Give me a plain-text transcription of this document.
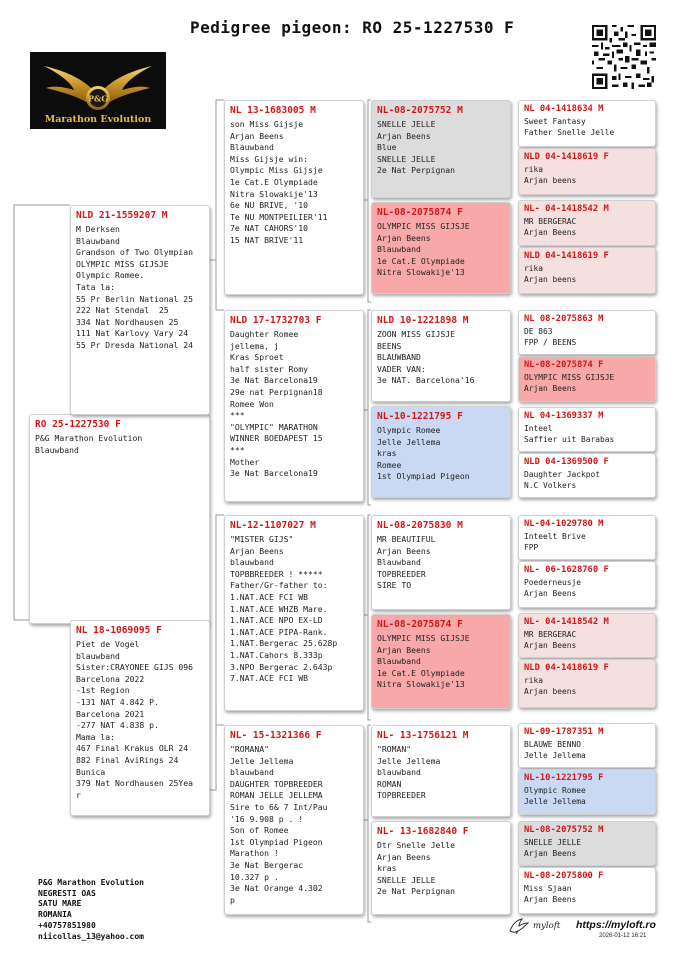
Pedigree pigeon: RO 25-1227530 F
P&G
Marathon Evolution
RO 25-1227530 F
P&G Marathon Evolution
Blauwband
NLD 21-1559207 M
M Derksen
Blauwband
Grandson of Two Olympian
OLYMPIC MISS GIJSJE
Olympic Romee.
Tata la:
55 Pr Berlin National 25
222 Nat Stendal  25
334 Nat Nordhausen 25
111 Nat Karlovy Vary 24
55 Pr Dresda National 24
NL 18-1069095 F
Piet de Vogel
blauwband
Sister:CRAYONEE GIJS 096
Barcelona 2022
-1st Region
-131 NAT 4.842 P.
Barcelona 2021
-277 NAT 4.838 p.
Mama la:
467 Final Krakus OLR 24
882 Final AviRings 24
Bunica
379 Nat Nordhausen 25Yea
r
NL 13-1683005 M
son Miss Gijsje
Arjan Beens
Blauwband
Miss Gijsje win:
Olympic Miss Gijsje
1e Cat.E Olympiade
Nitra Slowakije'13
6e NU BRIVE, '10
Te NU MONTPEILIER'11
7e NAT CAHORS'10
15 NAT BRIVE'11
NLD 17-1732703 F
Daughter Romee
jellema, j
Kras Sproet
half sister Romy
3e Nat Barcelona19
29e nat Perpignan18
Romee Won
***
"OLYMPIC" MARATHON
WINNER BOEDAPEST 15
***
Mother
3e Nat Barcelona19
NL-12-1107027 M
"MISTER GIJS"
Arjan Beens
blauwband
TOPBBREEDER ! *****
Father/Gr-father to:
1.NAT.ACE FCI WB
1.NAT.ACE WHZB Mare.
1.NAT.ACE NPO EX-LD
1.NAT.ACE PIPA-Rank.
1.NAT.Bergerac 25.628p
1.NAT.Cahors 8.333p
3.NPO Bergerac 2.643p
7.NAT.ACE FCI WB
NL- 15-1321366 F
"ROMANA"
Jelle Jellema
blauwband
DAUGHTER TOPBREEDER
ROMAN JELLE JELLEMA
Sire to 6& 7 Int/Pau
'16 9.908 p . !
Son of Romee
1st Olympiad Pigeon
Marathon !
3e Nat Bergerac
10.327 p .
3e Nat Orange 4.302
p
NL-08-2075752 M
SNELLE JELLE
Arjan Beens
Blue
SNELLE JELLE
2e Nat Perpignan
NL-08-2075874 F
OLYMPIC MISS GIJSJE
Arjan Beens
Blauwband
1e Cat.E Olympiade
Nitra Slowakije'13
NLD 10-1221898 M
ZOON MISS GIJSJE
BEENS
BLAUWBAND
VADER VAN:
3e NAT. Barcelona'16
NL-10-1221795 F
Olympic Romee
Jelle Jellema
kras
Romee
1st Olympiad Pigeon
NL-08-2075830 M
MR BEAUTIFUL
Arjan Beens
Blauwband
TOPBREEDER
SIRE TO
NL-08-2075874 F
OLYMPIC MISS GIJSJE
Arjan Beens
Blauwband
1e Cat.E Olympiade
Nitra Slowakije'13
NL- 13-1756121 M
"ROMAN"
Jelle Jellema
blauwband
ROMAN
TOPBREEDER
NL- 13-1682840 F
Dtr Snelle Jelle
Arjan Beens
kras
SNELLE JELLE
2e Nat Perpignan
NL 04-1418634 M
Sweet Fantasy
Father Snelle Jelle
NLD 04-1418619 F
rika
Arjan beens
NL- 04-1418542 M
MR BERGERAC
Arjan Beens
NLD 04-1418619 F
rika
Arjan beens
NL 08-2075863 M
DE 863
FPP / BEENS
NL-08-2075874 F
OLYMPIC MISS GIJSJE
Arjan Beens
NL 04-1369337 M
Inteel
Saffier uit Barabas
NLD 04-1369500 F
Daughter Jackpot
N.C Volkers
NL-04-1029780 M
Inteelt Brive
FPP
NL- 06-1628760 F
Poederneusje
Arjan Beens
NL- 04-1418542 M
MR BERGERAC
Arjan Beens
NLD 04-1418619 F
rika
Arjan beens
NL-09-1787351 M
BLAUWE BENNO
Jelle Jellema
NL-10-1221795 F
Olympic Romee
Jelle Jellema
NL-08-2075752 M
SNELLE JELLE
Arjan Beens
NL-08-2075800 F
Miss Sjaan
Arjan Beens
P&G Marathon Evolution
NEGRESTI OAS
SATU MARE
ROMANIA
+40757851980
niicollas_13@yahoo.com
myloft https://myloft.ro
2026-01-12 16:21
